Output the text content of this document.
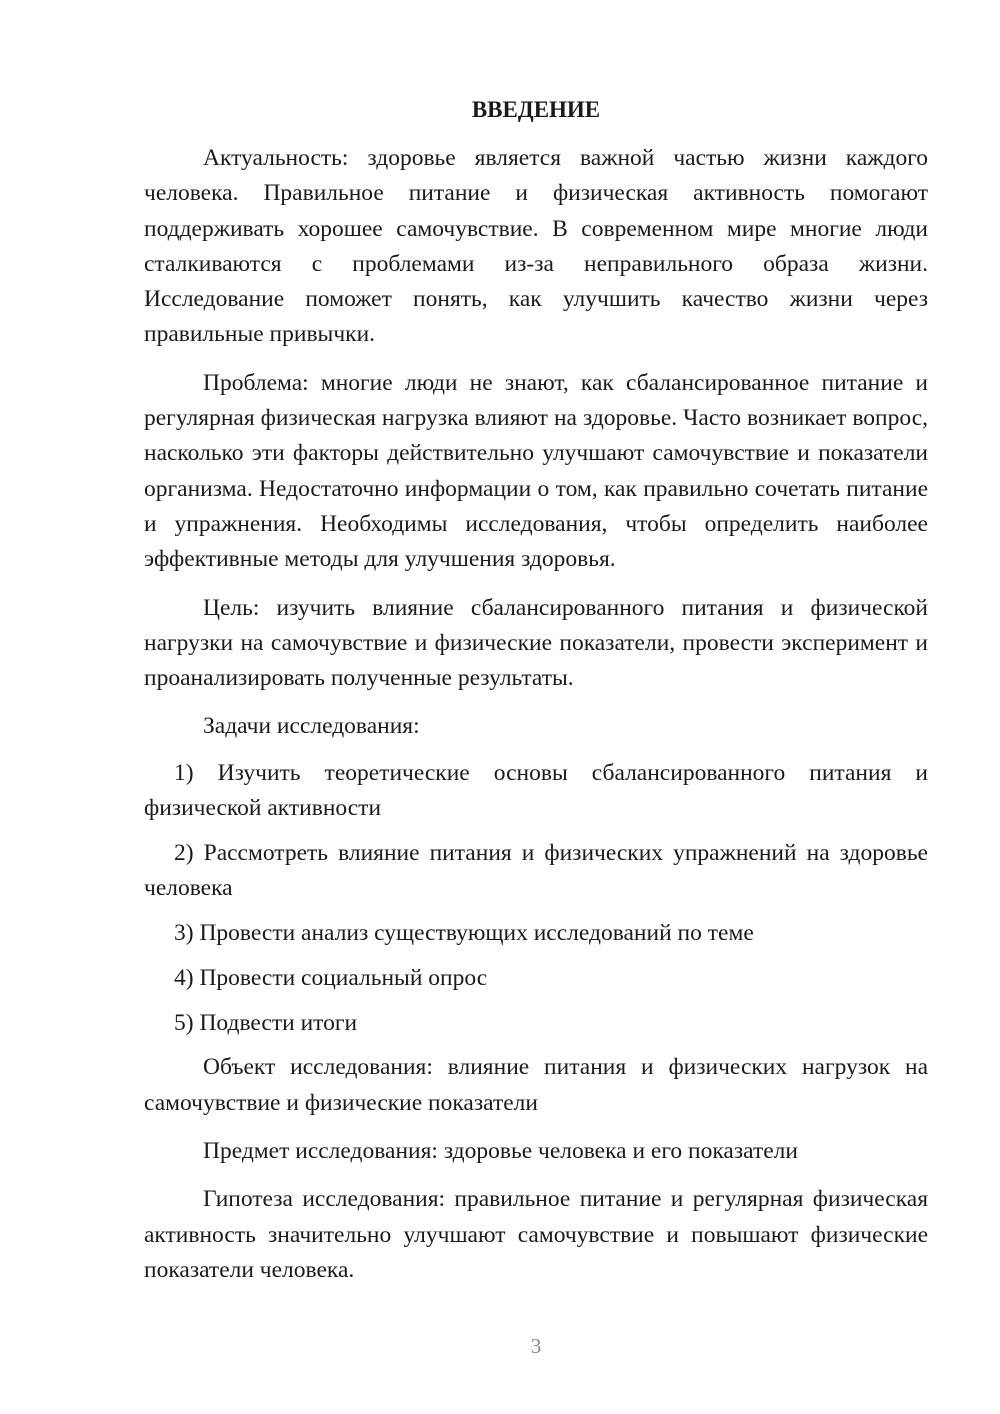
ВВЕДЕНИЕ

Актуальность: здоровье является важной частью жизни каждого человека. Правильное питание и физическая активность помогают поддерживать хорошее самочувствие. В современном мире многие люди сталкиваются с проблемами из-за неправильного образа жизни. Исследование поможет понять, как улучшить качество жизни через правильные привычки.

Проблема: многие люди не знают, как сбалансированное питание и регулярная физическая нагрузка влияют на здоровье. Часто возникает вопрос, насколько эти факторы действительно улучшают самочувствие и показатели организма. Недостаточно информации о том, как правильно сочетать питание и упражнения. Необходимы исследования, чтобы определить наиболее эффективные методы для улучшения здоровья.

Цель: изучить влияние сбалансированного питания и физической нагрузки на самочувствие и физические показатели, провести эксперимент и проанализировать полученные результаты.

Задачи исследования:

1) Изучить теоретические основы сбалансированного питания и физической активности

2) Рассмотреть влияние питания и физических упражнений на здоровье человека

3) Провести анализ существующих исследований по теме

4) Провести социальный опрос

5) Подвести итоги

Объект исследования: влияние питания и физических нагрузок на самочувствие и физические показатели

Предмет исследования: здоровье человека и его показатели

Гипотеза исследования: правильное питание и регулярная физическая активность значительно улучшают самочувствие и повышают физические показатели человека.

3
